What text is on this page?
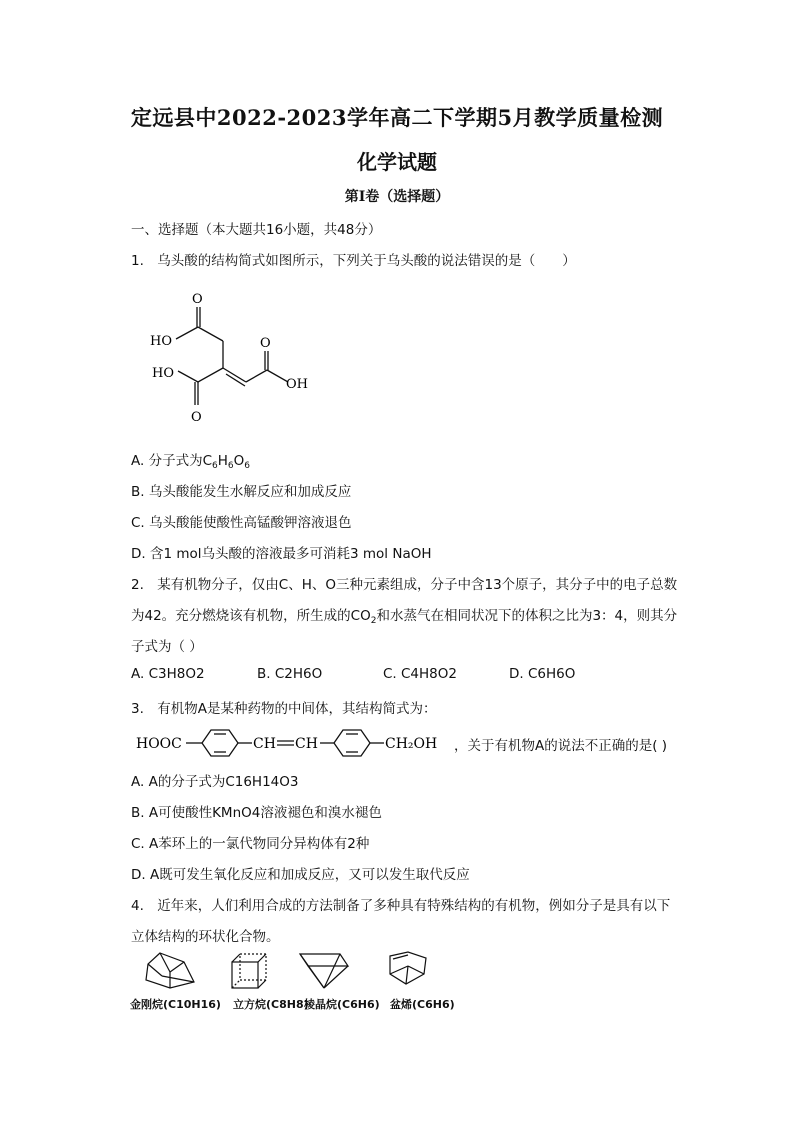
定远县中2022-2023学年高二下学期5月教学质量检测
化学试题
第Ⅰ卷（选择题）
一、选择题（本大题共16小题，共48分）
1. 乌头酸的结构简式如图所示，下列关于乌头酸的说法错误的是（　　）
O
HO	O
HO
OH
O
A. 分子式为$C_6H_6O_6$
B. 乌头酸能发生水解反应和加成反应
C. 乌头酸能使酸性高锰酸钾溶液退色
D. 含1 mol乌头酸的溶液最多可消耗3 mol NaOH
2. 某有机物分子，仅由C、H、O三种元素组成，分子中含13个原子，其分子中的电子总数
为42。充分燃烧该有机物，所生成的$CO_2$和水蒸气在相同状况下的体积之比为3：4，则其分
子式为（ ）
A. C3H8O2	B. C2H6O	C. C4H8O2	D. C6H6O
3. 有机物A是某种药物的中间体，其结构简式为：
HOOC	CH CH	CH₂OH ，关于有机物A的说法不正确的是( )
A. A的分子式为C16H14O3
B. A可使酸性KMnO4溶液褪色和溴水褪色
C. A苯环上的一氯代物同分异构体有2种
D. A既可发生氧化反应和加成反应，又可以发生取代反应
4. 近年来，人们利用合成的方法制备了多种具有特殊结构的有机物，例如分子是具有以下
立体结构的环状化合物。
金刚烷(C10H16) 立方烷(C8H8)棱晶烷(C6H6) 盆烯(C6H6)
